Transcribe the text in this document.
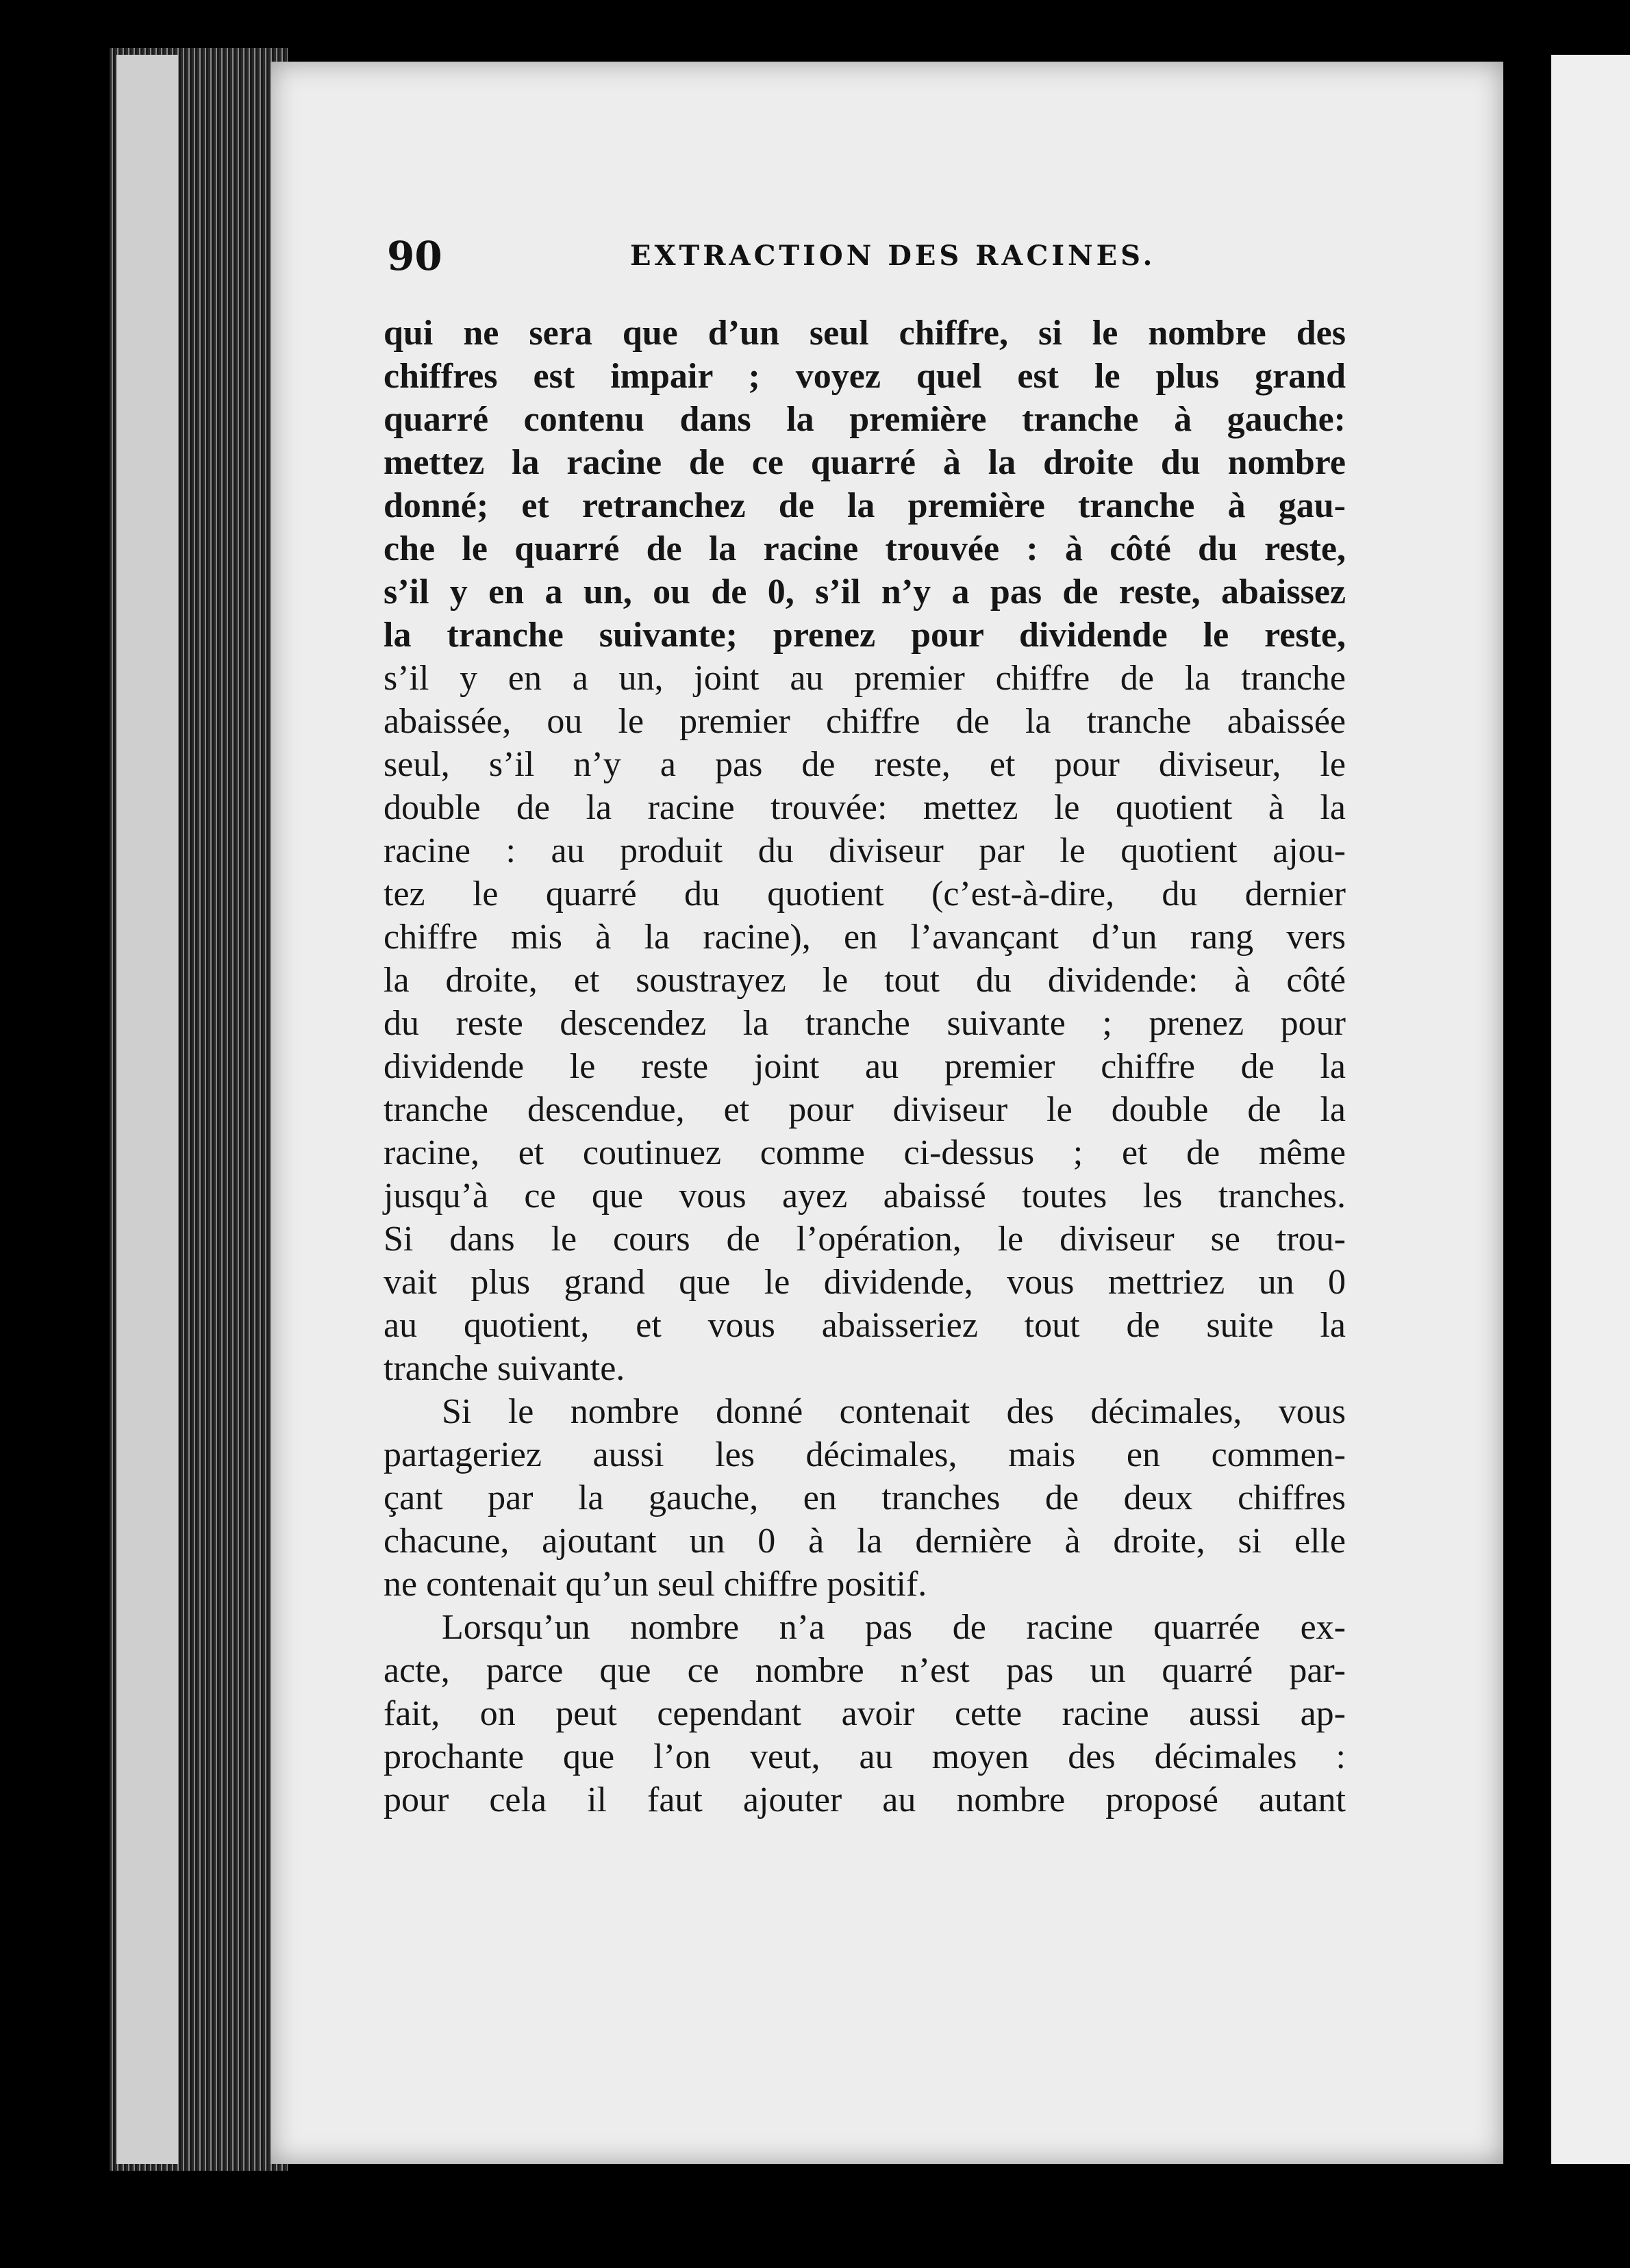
90	EXTRACTION DES RACINES.
qui ne sera que d’un seul chiffre, si le nombre des
chiffres est impair ; voyez quel est le plus grand
quarré contenu dans la première tranche à gauche:
mettez la racine de ce quarré à la droite du nombre
donné; et retranchez de la première tranche à gau-
che le quarré de la racine trouvée : à côté du reste,
s’il y en a un, ou de 0, s’il n’y a pas de reste, abaissez
la tranche suivante; prenez pour dividende le reste,
s’il y en a un, joint au premier chiffre de la tranche
abaissée, ou le premier chiffre de la tranche abaissée
seul, s’il n’y a pas de reste, et pour diviseur, le
double de la racine trouvée: mettez le quotient à la
racine : au produit du diviseur par le quotient ajou-
tez le quarré du quotient (c’est-à-dire, du dernier
chiffre mis à la racine), en l’avançant d’un rang vers
la droite, et soustrayez le tout du dividende: à côté
du reste descendez la tranche suivante ; prenez pour
dividende le reste joint au premier chiffre de la
tranche descendue, et pour diviseur le double de la
racine, et coutinuez comme ci-dessus ; et de même
jusqu’à ce que vous ayez abaissé toutes les tranches.
Si dans le cours de l’opération, le diviseur se trou-
vait plus grand que le dividende, vous mettriez un 0
au quotient, et vous abaisseriez tout de suite la
tranche suivante.
Si le nombre donné contenait des décimales, vous
partageriez aussi les décimales, mais en commen-
çant par la gauche, en tranches de deux chiffres
chacune, ajoutant un 0 à la dernière à droite, si elle
ne contenait qu’un seul chiffre positif.
Lorsqu’un nombre n’a pas de racine quarrée ex-
acte, parce que ce nombre n’est pas un quarré par-
fait, on peut cependant avoir cette racine aussi ap-
prochante que l’on veut, au moyen des décimales :
pour cela il faut ajouter au nombre proposé autant
